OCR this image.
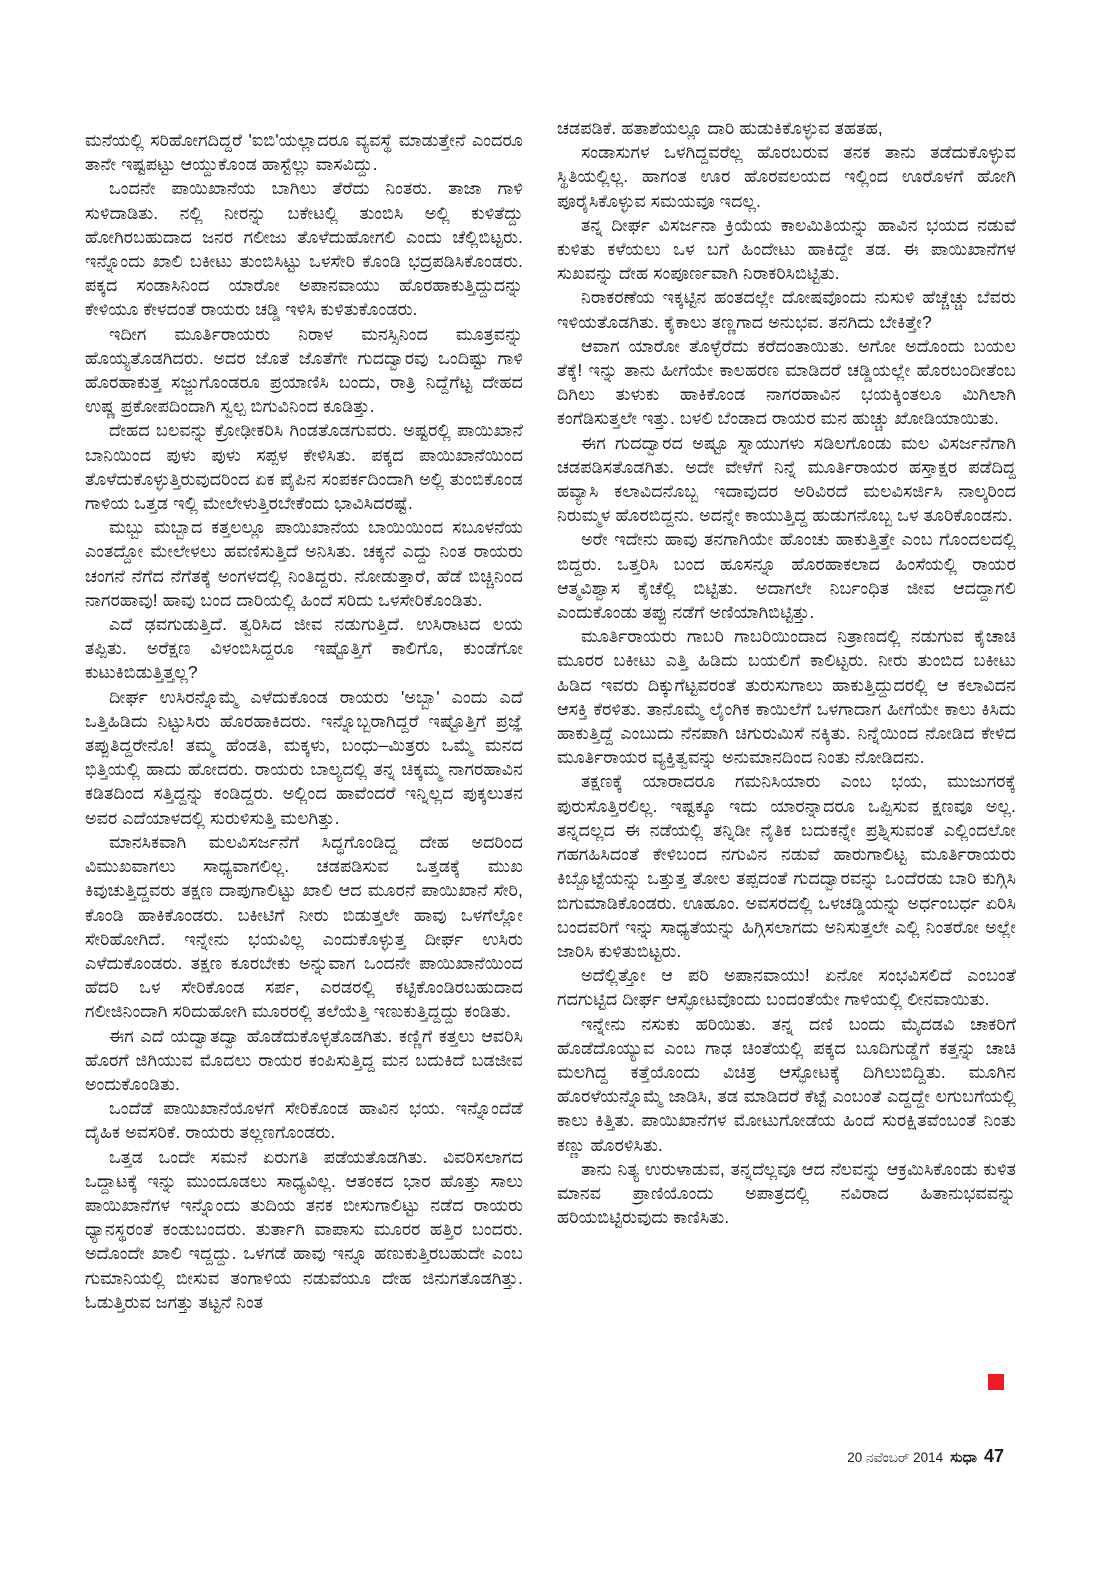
ಮನೆಯಲ್ಲಿ ಸರಿಹೋಗದಿದ್ದರೆ 'ಐಬಿ'ಯಲ್ಲಾದರೂ ವ್ಯವಸ್ಥೆ ಮಾಡುತ್ತೇನೆ ಎಂದರೂ ತಾನೇ ಇಷ್ಟಪಟ್ಟು ಆಯ್ದುಕೊಂಡ ಹಾಸ್ಟೆಲ್ಲು ವಾಸವಿದ್ದು.

ಒಂದನೇ ಪಾಯಿಖಾನೆಯ ಬಾಗಿಲು ತೆರೆದು ನಿಂತರು. ತಾಜಾ ಗಾಳಿ ಸುಳಿದಾಡಿತು. ನಲ್ಲಿ ನೀರನ್ನು ಬಕೇಟಲ್ಲಿ ತುಂಬಿಸಿ ಅಲ್ಲಿ ಕುಳಿತೆದ್ದು ಹೋಗಿರಬಹುದಾದ ಜನರ ಗಲೀಜು ತೊಳೆದುಹೋಗಲಿ ಎಂದು ಚೆಲ್ಲಿಬಿಟ್ಟರು. ಇನ್ನೊಂದು ಖಾಲಿ ಬಕೀಟು ತುಂಬಿಸಿಟ್ಟು ಒಳಸೇರಿ ಕೊಂಡಿ ಭದ್ರಪಡಿಸಿಕೊಂಡರು. ಪಕ್ಕದ ಸಂಡಾಸಿನಿಂದ ಯಾರೋ ಅಪಾನವಾಯು ಹೊರಹಾಕುತ್ತಿದ್ದುದನ್ನು ಕೇಳಿಯೂ ಕೇಳದಂತೆ ರಾಯರು ಚಡ್ಡಿ ಇಳಿಸಿ ಕುಳಿತುಕೊಂಡರು.

ಇದೀಗ ಮೂರ್ತಿರಾಯರು ನಿರಾಳ ಮನಸ್ಸಿನಿಂದ ಮೂತ್ರವನ್ನು ಹೊಯ್ಯತೊಡಗಿದರು. ಅದರ ಜೊತೆ ಜೊತೆಗೇ ಗುದದ್ವಾರವು ಒಂದಿಷ್ಟು ಗಾಳಿ ಹೊರಹಾಕುತ್ತ ಸಜ್ಜುಗೊಂಡರೂ ಪ್ರಯಾಣಿಸಿ ಬಂದು, ರಾತ್ರಿ ನಿದ್ದೆಗೆಟ್ಟ ದೇಹದ ಉಷ್ಣ ಪ್ರಕೋಪದಿಂದಾಗಿ ಸ್ವಲ್ಪ ಬಿಗುವಿನಿಂದ ಕೂಡಿತ್ತು.

ದೇಹದ ಬಲವನ್ನು ಕ್ರೋಢೀಕರಿಸಿ ಗಿಂಡತೊಡಗುವರು. ಅಷ್ಟರಲ್ಲಿ ಪಾಯಿಖಾನೆ ಬಾನಿಯಿಂದ ಪುಳು ಪುಳು ಸಪ್ಪಳ ಕೇಳಿಸಿತು. ಪಕ್ಕದ ಪಾಯಿಖಾನೆಯಿಂದ ತೊಳೆದುಕೊಳ್ಳುತ್ತಿರುವುದರಿಂದ ಏಕ ಪೈಪಿನ ಸಂಪರ್ಕದಿಂದಾಗಿ ಅಲ್ಲಿ ತುಂಬಿಕೊಂಡ ಗಾಳಿಯ ಒತ್ತಡ ಇಲ್ಲಿ ಮೇಲೇಳುತ್ತಿರಬೇಕೆಂದು ಭಾವಿಸಿದರಷ್ಟೆ.

ಮಬ್ಬು ಮಬ್ಬಾದ ಕತ್ತಲಲ್ಲೂ ಪಾಯಿಖಾನೆಯ ಬಾಯಿಯಿಂದ ಸಬೂಳನೆಯ ಎಂತದ್ದೋ ಮೇಲೇಳಲು ಹವಣಿಸುತ್ತಿದೆ ಅನಿಸಿತು. ಚಕ್ಕನೆ ಎದ್ದು ನಿಂತ ರಾಯರು ಚಂಗನೆ ನೆಗೆದ ನೆಗೆತಕ್ಕೆ ಅಂಗಳದಲ್ಲಿ ನಿಂತಿದ್ದರು. ನೋಡುತ್ತಾರೆ, ಹೆಡೆ ಬಿಚ್ಚಿನಿಂದ ನಾಗರಹಾವು! ಹಾವು ಬಂದ ದಾರಿಯಲ್ಲಿ ಹಿಂದೆ ಸರಿದು ಒಳಸೇರಿಕೊಂಡಿತು.

ಎದೆ ಢವಗುಡುತ್ತಿದೆ. ತ್ವರಿಸಿದ ಜೀವ ನಡುಗುತ್ತಿದೆ. ಉಸಿರಾಟದ ಲಯ ತಪ್ಪಿತು. ಅರೆಕ್ಷಣ ವಿಳಂಬಿಸಿದ್ದರೂ ಇಷ್ಟೊತ್ತಿಗೆ ಕಾಲಿಗೊ, ಕುಂಡೆಗೋ ಕುಟುಕಿಬಿಡುತ್ತಿತ್ತಲ್ಲ?

ದೀರ್ಘ ಉಸಿರನ್ನೊಮ್ಮೆ ಎಳೆದುಕೊಂಡ ರಾಯರು 'ಅಬ್ಬಾ' ಎಂದು ಎದೆ ಒತ್ತಿಹಿಡಿದು ನಿಟ್ಟುಸಿರು ಹೊರಹಾಕಿದರು. ಇನ್ನೊಬ್ಬರಾಗಿದ್ದರೆ ಇಷ್ಟೊತ್ತಿಗೆ ಪ್ರಜ್ಞೆ ತಪ್ಪುತಿದ್ದರೇನೊ! ತಮ್ಮ ಹೆಂಡತಿ, ಮಕ್ಕಳು, ಬಂಧು–ಮಿತ್ರರು ಒಮ್ಮೆ ಮನದ ಭಿತ್ತಿಯಲ್ಲಿ ಹಾದು ಹೋದರು. ರಾಯರು ಬಾಲ್ಯದಲ್ಲಿ ತನ್ನ ಚಿಕ್ಕಮ್ಮ ನಾಗರಹಾವಿನ ಕಡಿತದಿಂದ ಸತ್ತಿದ್ದನ್ನು ಕಂಡಿದ್ದರು. ಅಲ್ಲಿಂದ ಹಾವೆಂದರೆ ಇನ್ನಿಲ್ಲದ ಪುಕ್ಕಲುತನ ಅವರ ಎದೆಯಾಳದಲ್ಲಿ ಸುರುಳಿಸುತ್ತಿ ಮಲಗಿತ್ತು.

ಮಾನಸಿಕವಾಗಿ ಮಲವಿಸರ್ಜನೆಗೆ ಸಿದ್ಧಗೊಂಡಿದ್ದ ದೇಹ ಅದರಿಂದ ವಿಮುಖವಾಗಲು ಸಾಧ್ಯವಾಗಲಿಲ್ಲ. ಚಡಪಡಿಸುವ ಒತ್ತಡಕ್ಕೆ ಮುಖ ಕಿವುಚುತ್ತಿದ್ದವರು ತಕ್ಷಣ ದಾಪುಗಾಲಿಟ್ಟು ಖಾಲಿ ಆದ ಮೂರನೆ ಪಾಯಿಖಾನೆ ಸೇರಿ, ಕೊಂಡಿ ಹಾಕಿಕೊಂಡರು. ಬಕೀಟಿಗೆ ನೀರು ಬಿಡುತ್ತಲೇ ಹಾವು ಒಳಗೆಲ್ಲೋ ಸೇರಿಹೋಗಿದೆ. ಇನ್ನೇನು ಭಯವಿಲ್ಲ ಎಂದುಕೊಳ್ಳುತ್ತ ದೀರ್ಘ ಉಸಿರು ಎಳೆದುಕೊಂಡರು. ತಕ್ಷಣ ಕೂರಬೇಕು ಅನ್ನುವಾಗ ಒಂದನೇ ಪಾಯಿಖಾನೆಯಿಂದ ಹೆದರಿ ಒಳ ಸೇರಿಕೊಂಡ ಸರ್ಪ, ಎರಡರಲ್ಲಿ ಕಟ್ಟಿಕೊಂಡಿರಬಹುದಾದ ಗಲೀಜಿನಿಂದಾಗಿ ಸರಿದುಹೋಗಿ ಮೂರರಲ್ಲಿ ತಲೆಯೆತ್ತಿ ಇಣುಕುತ್ತಿದ್ದದ್ದು ಕಂಡಿತು.

ಈಗ ಎದೆ ಯದ್ವಾತದ್ವಾ ಹೊಡೆದುಕೊಳ್ಳತೊಡಗಿತು. ಕಣ್ಣಿಗೆ ಕತ್ತಲು ಆವರಿಸಿ ಹೊರಗೆ ಜಿಗಿಯುವ ಮೊದಲು ರಾಯರ ಕಂಪಿಸುತ್ತಿದ್ದ ಮನ ಬದುಕಿದೆ ಬಡಜೀವ ಅಂದುಕೊಂಡಿತು.

ಒಂದೆಡೆ ಪಾಯಿಖಾನೆಯೊಳಗೆ ಸೇರಿಕೊಂಡ ಹಾವಿನ ಭಯ. ಇನ್ನೊಂದೆಡೆ ದೈಹಿಕ ಅವಸರಿಕೆ. ರಾಯರು ತಲ್ಲಣಗೊಂಡರು.

ಒತ್ತಡ ಒಂದೇ ಸಮನೆ ಏರುಗತಿ ಪಡೆಯತೊಡಗಿತು. ವಿವರಿಸಲಾಗದ ಒದ್ದಾಟಕ್ಕೆ ಇನ್ನು ಮುಂದೂಡಲು ಸಾಧ್ಯವಿಲ್ಲ. ಆತಂಕದ ಭಾರ ಹೊತ್ತು ಸಾಲು ಪಾಯಿಖಾನೆಗಳ ಇನ್ನೊಂದು ತುದಿಯ ತನಕ ಬೀಸುಗಾಲಿಟ್ಟು ನಡೆದ ರಾಯರು ಧ್ಯಾನಸ್ಥರಂತೆ ಕಂಡುಬಂದರು. ತುರ್ತಾಗಿ ವಾಪಾಸು ಮೂರರ ಹತ್ತಿರ ಬಂದರು. ಅದೊಂದೇ ಖಾಲಿ ಇದ್ದದ್ದು. ಒಳಗಡೆ ಹಾವು ಇನ್ನೂ ಹಣುಕುತ್ತಿರಬಹುದೇ ಎಂಬ ಗುಮಾನಿಯಲ್ಲಿ ಬೀಸುವ ತಂಗಾಳಿಯ ನಡುವೆಯೂ ದೇಹ ಜಿನುಗತೊಡಗಿತ್ತು. ಓಡುತ್ತಿರುವ ಜಗತ್ತು ತಟ್ಟನೆ ನಿಂತ

ಚಡಪಡಿಕೆ. ಹತಾಶೆಯಲ್ಲೂ ದಾರಿ ಹುಡುಕಿಕೊಳ್ಳುವ ತಹತಹ,

ಸಂಡಾಸುಗಳ ಒಳಗಿದ್ದವರೆಲ್ಲ ಹೊರಬರುವ ತನಕ ತಾನು ತಡೆದುಕೊಳ್ಳುವ ಸ್ಥಿತಿಯಲ್ಲಿಲ್ಲ. ಹಾಗಂತ ಊರ ಹೊರವಲಯದ ಇಲ್ಲಿಂದ ಊರೊಳಗೆ ಹೋಗಿ ಪೂರೈಸಿಕೊಳ್ಳುವ ಸಮಯವೂ ಇದಲ್ಲ.

ತನ್ನ ದೀರ್ಘ ವಿಸರ್ಜನಾ ಕ್ರಿಯೆಯ ಕಾಲಮಿತಿಯನ್ನು ಹಾವಿನ ಭಯದ ನಡುವೆ ಕುಳಿತು ಕಳೆಯಲು ಒಳ ಬಗೆ ಹಿಂದೇಟು ಹಾಕಿದ್ದೇ ತಡ. ಈ ಪಾಯಿಖಾನೆಗಳ ಸುಖವನ್ನು ದೇಹ ಸಂಪೂರ್ಣವಾಗಿ ನಿರಾಕರಿಸಿಬಿಟ್ಟಿತು.

ನಿರಾಕರಣೆಯ ಇಕ್ಕಟ್ಟಿನ ಹಂತದಲ್ಲೇ ದೋಷವೊಂದು ನುಸುಳಿ ಹೆಚ್ಚೆಚ್ಚು ಬೆವರು ಇಳಿಯತೊಡಗಿತು. ಕೈಕಾಲು ತಣ್ಣಗಾದ ಅನುಭವ. ತನಗಿದು ಬೇಕಿತ್ತೇ?

ಆವಾಗ ಯಾರೋ ತೊಳ್ಳೆರೆದು ಕರೆದಂತಾಯಿತು. ಅಗೋ ಅದೊಂದು ಬಯಲ ತೆಕ್ಕೆ! ಇನ್ನು ತಾನು ಹೀಗೆಯೇ ಕಾಲಹರಣ ಮಾಡಿದರೆ ಚಡ್ಡಿಯಲ್ಲೇ ಹೊರಬಂದೀತೆಂಬ ದಿಗಿಲು ತುಳುಕು ಹಾಕಿಕೊಂಡ ನಾಗರಹಾವಿನ ಭಯಕ್ಕಿಂತಲೂ ಮಿಗಿಲಾಗಿ ಕಂಗೆಡಿಸುತ್ತಲೇ ಇತ್ತು. ಬಳಲಿ ಬೆಂಡಾದ ರಾಯರ ಮನ ಹುಚ್ಚು ಖೋಡಿಯಾಯಿತು.

ಈಗ ಗುದದ್ವಾರದ ಅಷ್ಟೂ ಸ್ನಾಯುಗಳು ಸಡಿಲಗೊಂಡು ಮಲ ವಿಸರ್ಜನೆಗಾಗಿ ಚಡಪಡಿಸತೊಡಗಿತು. ಅದೇ ವೇಳೆಗೆ ನಿನ್ನೆ ಮೂರ್ತಿರಾಯರ ಹಸ್ತಾಕ್ಷರ ಪಡೆದಿದ್ದ ಹವ್ಯಾಸಿ ಕಲಾವಿದನೊಬ್ಬ ಇದಾವುದರ ಅರಿವಿರದೆ ಮಲವಿಸರ್ಜಿಸಿ ನಾಲ್ಕರಿಂದ ನಿರುಮ್ಮಳ ಹೊರಬಿದ್ದನು. ಅದನ್ನೇ ಕಾಯುತ್ತಿದ್ದ ಹುಡುಗನೊಬ್ಬ ಒಳ ತೂರಿಕೊಂಡನು.

ಅರೇ ಇದೇನು ಹಾವು ತನಗಾಗಿಯೇ ಹೊಂಚು ಹಾಕುತ್ತಿತ್ತೇ ಎಂಬ ಗೊಂದಲದಲ್ಲಿ ಬಿದ್ದರು. ಒತ್ತರಿಸಿ ಬಂದ ಹೂಸನ್ನೂ ಹೊರಹಾಕಲಾದ ಹಿಂಸೆಯಲ್ಲಿ ರಾಯರ ಆತ್ಮವಿಶ್ವಾಸ ಕೈಚೆಲ್ಲಿ ಬಿಟ್ಟಿತು. ಅದಾಗಲೇ ನಿರ್ಬಂಧಿತ ಜೀವ ಆದದ್ದಾಗಲಿ ಎಂದುಕೊಂಡು ತಪ್ಪು ನಡೆಗೆ ಅಣಿಯಾಗಿಬಿಟ್ಟಿತ್ತು.

ಮೂರ್ತಿರಾಯರು ಗಾಬರಿ ಗಾಬರಿಯಿಂದಾದ ನಿತ್ರಾಣದಲ್ಲಿ ನಡುಗುವ ಕೈಚಾಚಿ ಮೂರರ ಬಕೀಟು ಎತ್ತಿ ಹಿಡಿದು ಬಯಲಿಗೆ ಕಾಲಿಟ್ಟರು. ನೀರು ತುಂಬಿದ ಬಕೀಟು ಹಿಡಿದ ಇವರು ದಿಕ್ಕುಗೆಟ್ಟವರಂತೆ ತುರುಸುಗಾಲು ಹಾಕುತ್ತಿದ್ದುದರಲ್ಲಿ ಆ ಕಲಾವಿದನ ಆಸಕ್ತಿ ಕೆರಳಿತು. ತಾನೊಮ್ಮೆ ಲೈಂಗಿಕ ಕಾಯಿಲೆಗೆ ಒಳಗಾದಾಗ ಹೀಗೆಯೇ ಕಾಲು ಕಿಸಿದು ಹಾಕುತ್ತಿದ್ದೆ ಎಂಬುದು ನೆನಪಾಗಿ ಚಿಗುರುಮಿಸೆ ನಕ್ಕಿತು. ನಿನ್ನೆಯಿಂದ ನೋಡಿದ ಕೇಳಿದ ಮೂರ್ತಿರಾಯರ ವ್ಯಕ್ತಿತ್ವವನ್ನು ಅನುಮಾನದಿಂದ ನಿಂತು ನೋಡಿದನು.

ತಕ್ಷಣಕ್ಕೆ ಯಾರಾದರೂ ಗಮನಿಸಿಯಾರು ಎಂಬ ಭಯ, ಮುಜುಗರಕ್ಕೆ ಪುರುಸೊತ್ತಿರಲಿಲ್ಲ. ಇಷ್ಟಕ್ಕೂ ಇದು ಯಾರನ್ನಾದರೂ ಒಪ್ಪಿಸುವ ಕ್ಷಣವೂ ಅಲ್ಲ. ತನ್ನದಲ್ಲದ ಈ ನಡೆಯಲ್ಲಿ ತನ್ನಿಡೀ ನೈತಿಕ ಬದುಕನ್ನೇ ಪ್ರಶ್ನಿಸುವಂತೆ ಎಲ್ಲಿಂದಲೋ ಗಹಗಹಿಸಿದಂತೆ ಕೇಳಿಬಂದ ನಗುವಿನ ನಡುವೆ ಹಾರುಗಾಲಿಟ್ಟ ಮೂರ್ತಿರಾಯರು ಕಿಬ್ಬೊಟ್ಟೆಯನ್ನು ಒತ್ತುತ್ತ ತೋಲ ತಪ್ಪದಂತೆ ಗುದದ್ವಾರವನ್ನು ಒಂದೆರಡು ಬಾರಿ ಕುಗ್ಗಿಸಿ ಬಿಗುಮಾಡಿಕೊಂಡರು. ಊಹೂಂ. ಅವಸರದಲ್ಲಿ ಒಳಚಡ್ಡಿಯನ್ನು ಅರ್ಧಂಬರ್ಧ ಏರಿಸಿ ಬಂದವರಿಗೆ ಇನ್ನು ಸಾಧ್ಯತೆಯನ್ನು ಹಿಗ್ಗಿಸಲಾಗದು ಅನಿಸುತ್ತಲೇ ಎಲ್ಲಿ ನಿಂತರೋ ಅಲ್ಲೇ ಜಾರಿಸಿ ಕುಳಿತುಬಿಟ್ಟರು.

ಅದೆಲ್ಲಿತ್ತೋ ಆ ಪರಿ ಅಪಾನವಾಯು! ಏನೋ ಸಂಭವಿಸಲಿದೆ ಎಂಬಂತೆ ಗದಗುಟ್ಟಿದ ದೀರ್ಘ ಆಸ್ಫೋಟವೊಂದು ಬಂದಂತೆಯೇ ಗಾಳಿಯಲ್ಲಿ ಲೀನವಾಯಿತು.

ಇನ್ನೇನು ನಸುಕು ಹರಿಯಿತು. ತನ್ನ ದಣಿ ಬಂದು ಮೈದಡವಿ ಚಾಕರಿಗೆ ಹೊಡೆದೊಯ್ಯುವ ಎಂಬ ಗಾಢ ಚಿಂತೆಯಲ್ಲಿ ಪಕ್ಕದ ಬೂದಿಗುಡ್ಡೆಗೆ ಕತ್ತನ್ನು ಚಾಚಿ ಮಲಗಿದ್ದ ಕತ್ತೆಯೊಂದು ವಿಚಿತ್ರ ಆಸ್ಫೋಟಕ್ಕೆ ದಿಗಿಲುಬಿದ್ದಿತು. ಮೂಗಿನ ಹೊರಳೆಯನ್ನೊಮ್ಮೆ ಜಾಡಿಸಿ, ತಡ ಮಾಡಿದರೆ ಕೆಟ್ಟೆ ಎಂಬಂತೆ ಎದ್ದದ್ದೇ ಲಗುಬಗೆಯಲ್ಲಿ ಕಾಲು ಕಿತ್ತಿತು. ಪಾಯಿಖಾನೆಗಳ ಮೋಟುಗೋಡೆಯ ಹಿಂದೆ ಸುರಕ್ಷಿತವೆಂಬಂತೆ ನಿಂತು ಕಣ್ಣು ಹೊರಳಿಸಿತು.

ತಾನು ನಿತ್ಯ ಉರುಳಾಡುವ, ತನ್ನದೆಲ್ಲವೂ ಆದ ನೆಲವನ್ನು ಆಕ್ರಮಿಸಿಕೊಂಡು ಕುಳಿತ ಮಾನವ ಪ್ರಾಣಿಯೊಂದು ಅಪಾತ್ರದಲ್ಲಿ ನವಿರಾದ ಹಿತಾನುಭವವನ್ನು ಹರಿಯಬಿಟ್ಟಿರುವುದು ಕಾಣಿಸಿತು.

20 ನವೆಂಬರ್ 2014 ಸುಧಾ 47
